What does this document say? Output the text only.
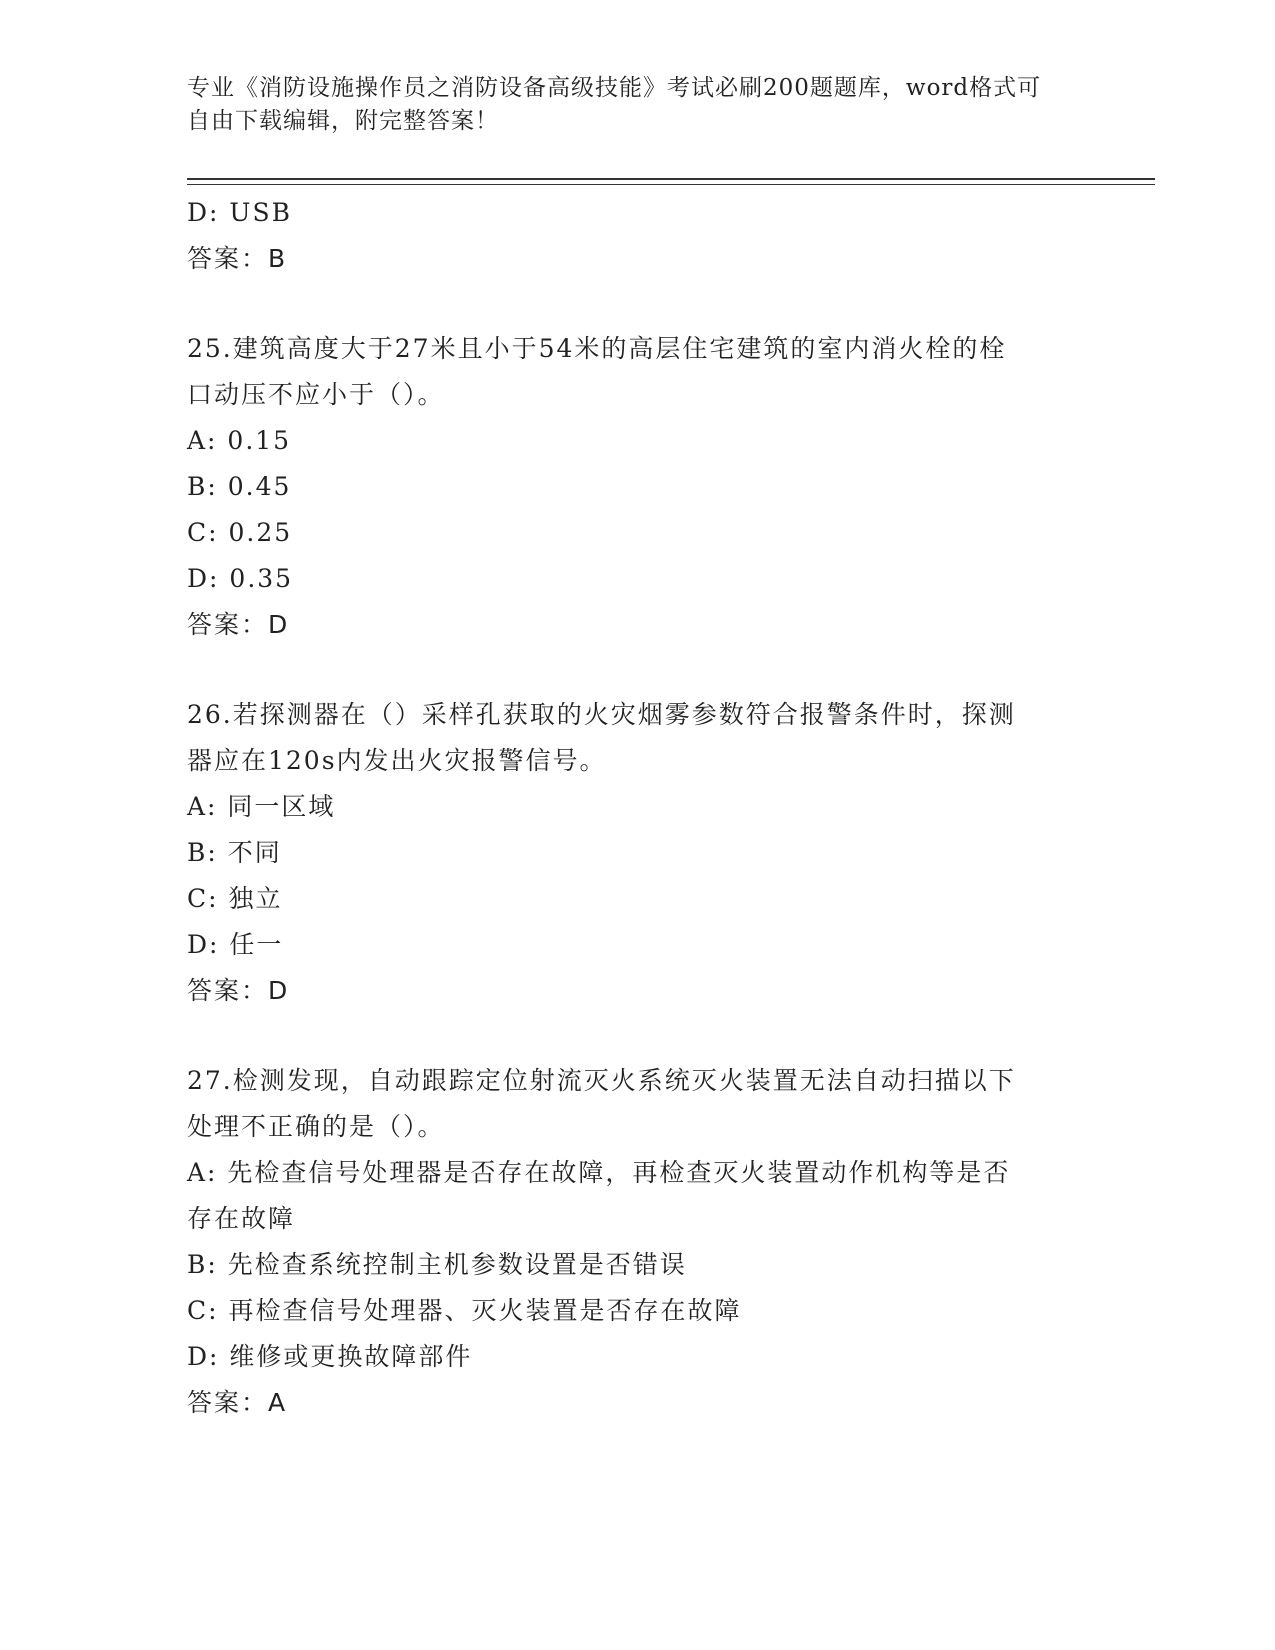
专业《消防设施操作员之消防设备高级技能》考试必刷200题题库，word格式可
自由下载编辑，附完整答案！
D: USB
答案：B
25.建筑高度大于27米且小于54米的高层住宅建筑的室内消火栓的栓
口动压不应小于（）。
A: 0.15
B: 0.45
C: 0.25
D: 0.35
答案：D
26.若探测器在（）采样孔获取的火灾烟雾参数符合报警条件时，探测
器应在120s内发出火灾报警信号。
A: 同一区域
B: 不同
C: 独立
D: 任一
答案：D
27.检测发现，自动跟踪定位射流灭火系统灭火装置无法自动扫描以下
处理不正确的是（）。
A: 先检查信号处理器是否存在故障，再检查灭火装置动作机构等是否
存在故障
B: 先检查系统控制主机参数设置是否错误
C: 再检查信号处理器、灭火装置是否存在故障
D: 维修或更换故障部件
答案：A
